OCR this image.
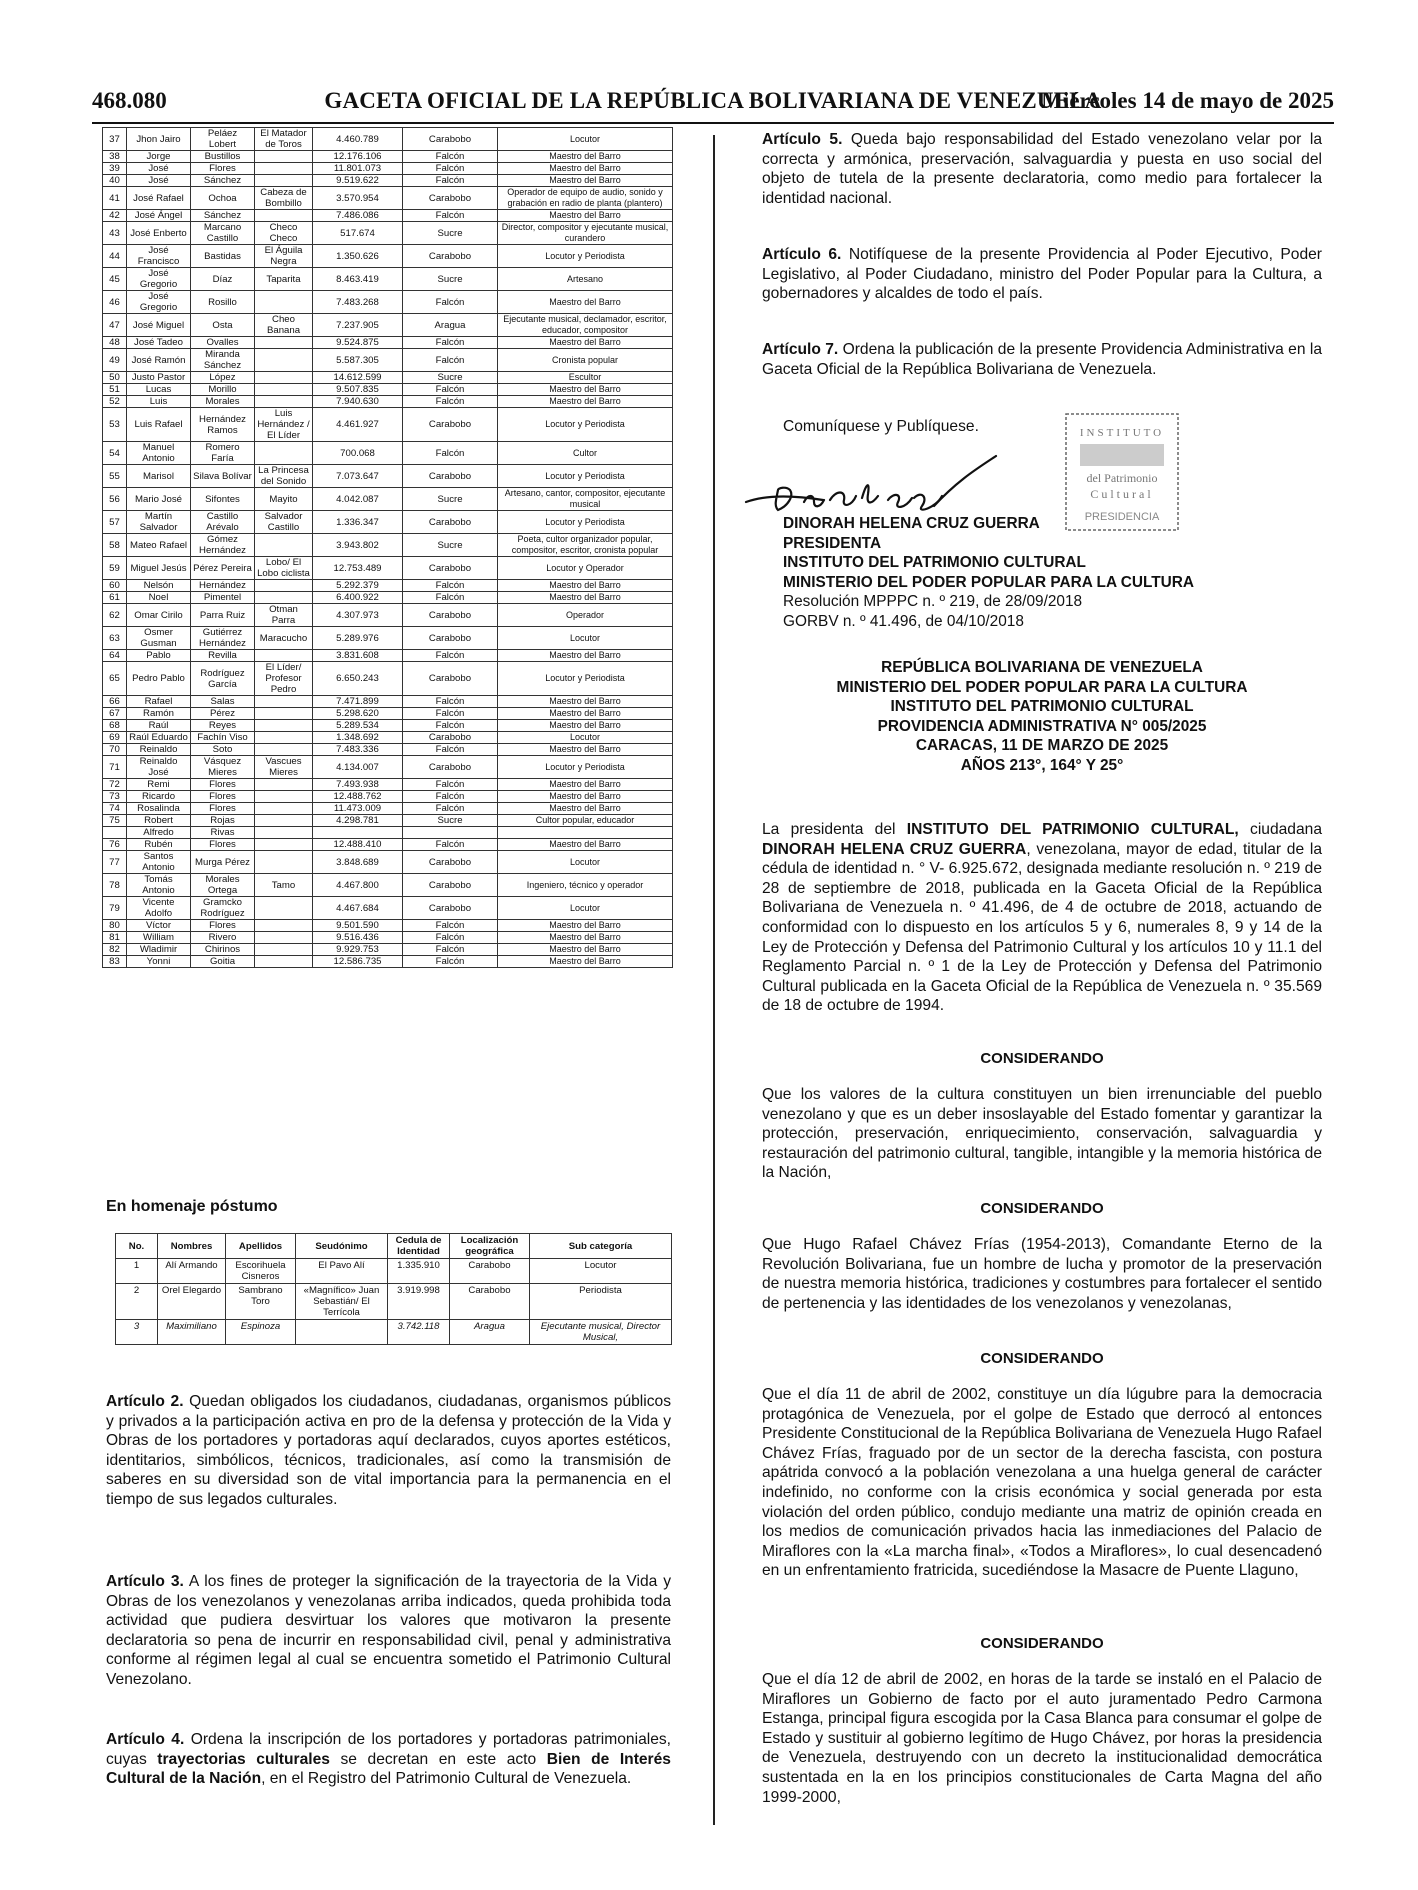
468.080	GACETA OFICIAL DE LA REPÚBLICA BOLIVARIANA DE VENEZUELA
Miércoles 14 de mayo de 2025
37	Jhon Jairo	Peláez Lobert	El Matador de Toros	4.460.789	Carabobo	Locutor
38	Jorge	Bustillos		12.176.106	Falcón	Maestro del Barro
39	José	Flores		11.801.073	Falcón	Maestro del Barro
40	José	Sánchez		9.519.622	Falcón	Maestro del Barro
41	José Rafael	Ochoa	Cabeza de Bombillo	3.570.954	Carabobo	Operador de equipo de audio, sonido y grabación en radio de planta (plantero)
42	José Ángel	Sánchez		7.486.086	Falcón	Maestro del Barro
43	José Enberto	Marcano Castillo	Checo Checo	517.674	Sucre	Director, compositor y ejecutante musical, curandero
44	José Francisco	Bastidas	El Águila Negra	1.350.626	Carabobo	Locutor y Periodista
45	José Gregorio	Díaz	Taparita	8.463.419	Sucre	Artesano
46	José Gregorio	Rosillo		7.483.268	Falcón	Maestro del Barro
47	José Miguel	Osta	Cheo Banana	7.237.905	Aragua	Ejecutante musical, declamador, escritor, educador, compositor
48	José Tadeo	Ovalles		9.524.875	Falcón	Maestro del Barro
49	José Ramón	Miranda Sánchez		5.587.305	Falcón	Cronista popular
50	Justo Pastor	López		14.612.599	Sucre	Escultor
51	Lucas	Morillo		9.507.835	Falcón	Maestro del Barro
52	Luis	Morales		7.940.630	Falcón	Maestro del Barro
53	Luis Rafael	Hernández Ramos	Luis Hernández / El Líder	4.461.927	Carabobo	Locutor y Periodista
54	Manuel Antonio	Romero Faría		700.068	Falcón	Cultor
55	Marisol	Silava Bolívar	La Princesa del Sonido	7.073.647	Carabobo	Locutor y Periodista
56	Mario José	Sifontes	Mayito	4.042.087	Sucre	Artesano, cantor, compositor, ejecutante musical
57	Martín Salvador	Castillo Arévalo	Salvador Castillo	1.336.347	Carabobo	Locutor y Periodista
58	Mateo Rafael	Gómez Hernández		3.943.802	Sucre	Poeta, cultor organizador popular, compositor, escritor, cronista popular
59	Miguel Jesús	Pérez Pereira	Lobo/ El Lobo ciclista	12.753.489	Carabobo	Locutor y Operador
60	Nelsón	Hernández		5.292.379	Falcón	Maestro del Barro
61	Noel	Pimentel		6.400.922	Falcón	Maestro del Barro
62	Omar Cirilo	Parra Ruiz	Otman Parra	4.307.973	Carabobo	Operador
63	Osmer Gusman	Gutiérrez Hernández	Maracucho	5.289.976	Carabobo	Locutor
64	Pablo	Revilla		3.831.608	Falcón	Maestro del Barro
65	Pedro Pablo	Rodríguez García	El Líder/ Profesor Pedro	6.650.243	Carabobo	Locutor y Periodista
66	Rafael	Salas		7.471.899	Falcón	Maestro del Barro
67	Ramón	Pérez		5.298.620	Falcón	Maestro del Barro
68	Raúl	Reyes		5.289.534	Falcón	Maestro del Barro
69	Raúl Eduardo	Fachín Viso		1.348.692	Carabobo	Locutor
70	Reinaldo	Soto		7.483.336	Falcón	Maestro del Barro
71	Reinaldo José	Vásquez Mieres	Vascues Mieres	4.134.007	Carabobo	Locutor y Periodista
72	Remi	Flores		7.493.938	Falcón	Maestro del Barro
73	Ricardo	Flores		12.488.762	Falcón	Maestro del Barro
74	Rosalinda	Flores		11.473.009	Falcón	Maestro del Barro
75	Robert	Rojas		4.298.781	Sucre	Cultor popular, educador
	Alfredo	Rivas				
76	Rubén	Flores		12.488.410	Falcón	Maestro del Barro
77	Santos Antonio	Murga Pérez		3.848.689	Carabobo	Locutor
78	Tomás Antonio	Morales Ortega	Tamo	4.467.800	Carabobo	Ingeniero, técnico y operador
79	Vicente Adolfo	Gramcko Rodríguez		4.467.684	Carabobo	Locutor
80	Víctor	Flores		9.501.590	Falcón	Maestro del Barro
81	William	Rivero		9.516.436	Falcón	Maestro del Barro
82	Wladimir	Chirinos		9.929.753	Falcón	Maestro del Barro
83	Yonni	Goitia		12.586.735	Falcón	Maestro del Barro
En homenaje póstumo
No.	Nombres	Apellidos	Seudónimo	Cedula de Identidad	Localización geográfica	Sub categoría
1	Alí Armando	Escorihuela Cisneros	El Pavo Alí	1.335.910	Carabobo	Locutor
2	Orel Elegardo	Sambrano Toro	«Magnífico» Juan Sebastián/ El Terrícola	3.919.998	Carabobo	Periodista
3	Maximiliano	Espinoza		3.742.118	Aragua	Ejecutante musical, Director Musical,
Artículo 2. Quedan obligados los ciudadanos, ciudadanas, organismos públicos y privados a la participación activa en pro de la defensa y protección de la Vida y Obras de los portadores y portadoras aquí declarados, cuyos aportes estéticos, identitarios, simbólicos, técnicos, tradicionales, así como la transmisión de saberes en su diversidad son de vital importancia para la permanencia en el tiempo de sus legados culturales.
Artículo 3. A los fines de proteger la significación de la trayectoria de la Vida y Obras de los venezolanos y venezolanas arriba indicados, queda prohibida toda actividad que pudiera desvirtuar los valores que motivaron la presente declaratoria so pena de incurrir en responsabilidad civil, penal y administrativa conforme al régimen legal al cual se encuentra sometido el Patrimonio Cultural Venezolano.
Artículo 4. Ordena la inscripción de los portadores y portadoras patrimoniales, cuyas trayectorias culturales se decretan en este acto Bien de Interés Cultural de la Nación, en el Registro del Patrimonio Cultural de Venezuela.
Artículo 5. Queda bajo responsabilidad del Estado venezolano velar por la correcta y armónica, preservación, salvaguardia y puesta en uso social del objeto de tutela de la presente declaratoria, como medio para fortalecer la identidad nacional.
Artículo 6. Notifíquese de la presente Providencia al Poder Ejecutivo, Poder Legislativo, al Poder Ciudadano, ministro del Poder Popular para la Cultura, a gobernadores y alcaldes de todo el país.
Artículo 7. Ordena la publicación de la presente Providencia Administrativa en la Gaceta Oficial de la República Bolivariana de Venezuela.
Comuníquese y Publíquese.	INSTITUTO
del Patrimonio
Cultural
PRESIDENCIA
DINORAH HELENA CRUZ GUERRA
PRESIDENTA
INSTITUTO DEL PATRIMONIO CULTURAL
MINISTERIO DEL PODER POPULAR PARA LA CULTURA
Resolución MPPPC n. º 219, de 28/09/2018
GORBV n. º 41.496, de 04/10/2018
REPÚBLICA BOLIVARIANA DE VENEZUELA
MINISTERIO DEL PODER POPULAR PARA LA CULTURA
INSTITUTO DEL PATRIMONIO CULTURAL
PROVIDENCIA ADMINISTRATIVA N° 005/2025
CARACAS, 11 DE MARZO DE 2025
AÑOS 213°, 164° Y 25°
La presidenta del INSTITUTO DEL PATRIMONIO CULTURAL, ciudadana DINORAH HELENA CRUZ GUERRA, venezolana, mayor de edad, titular de la cédula de identidad n. ° V- 6.925.672, designada mediante resolución n. º 219 de 28 de septiembre de 2018, publicada en la Gaceta Oficial de la República Bolivariana de Venezuela n. º 41.496, de 4 de octubre de 2018, actuando de conformidad con lo dispuesto en los artículos 5 y 6, numerales 8, 9 y 14 de la Ley de Protección y Defensa del Patrimonio Cultural y los artículos 10 y 11.1 del Reglamento Parcial n. º 1 de la Ley de Protección y Defensa del Patrimonio Cultural publicada en la Gaceta Oficial de la República de Venezuela n. º 35.569 de 18 de octubre de 1994.
CONSIDERANDO
Que los valores de la cultura constituyen un bien irrenunciable del pueblo venezolano y que es un deber insoslayable del Estado fomentar y garantizar la protección, preservación, enriquecimiento, conservación, salvaguardia y restauración del patrimonio cultural, tangible, intangible y la memoria histórica de la Nación,
CONSIDERANDO
Que Hugo Rafael Chávez Frías (1954-2013), Comandante Eterno de la Revolución Bolivariana, fue un hombre de lucha y promotor de la preservación de nuestra memoria histórica, tradiciones y costumbres para fortalecer el sentido de pertenencia y las identidades de los venezolanos y venezolanas,
CONSIDERANDO
Que el día 11 de abril de 2002, constituye un día lúgubre para la democracia protagónica de Venezuela, por el golpe de Estado que derrocó al entonces Presidente Constitucional de la República Bolivariana de Venezuela Hugo Rafael Chávez Frías, fraguado por de un sector de la derecha fascista, con postura apátrida convocó a la población venezolana a una huelga general de carácter indefinido, no conforme con la crisis económica y social generada por esta violación del orden público, condujo mediante una matriz de opinión creada en los medios de comunicación privados hacia las inmediaciones del Palacio de Miraflores con la «La marcha final», «Todos a Miraflores», lo cual desencadenó en un enfrentamiento fratricida, sucediéndose la Masacre de Puente Llaguno,
CONSIDERANDO
Que el día 12 de abril de 2002, en horas de la tarde se instaló en el Palacio de Miraflores un Gobierno de facto por el auto juramentado Pedro Carmona Estanga, principal figura escogida por la Casa Blanca para consumar el golpe de Estado y sustituir al gobierno legítimo de Hugo Chávez, por horas la presidencia de Venezuela, destruyendo con un decreto la institucionalidad democrática sustentada en la en los principios constitucionales de Carta Magna del año 1999-2000,
